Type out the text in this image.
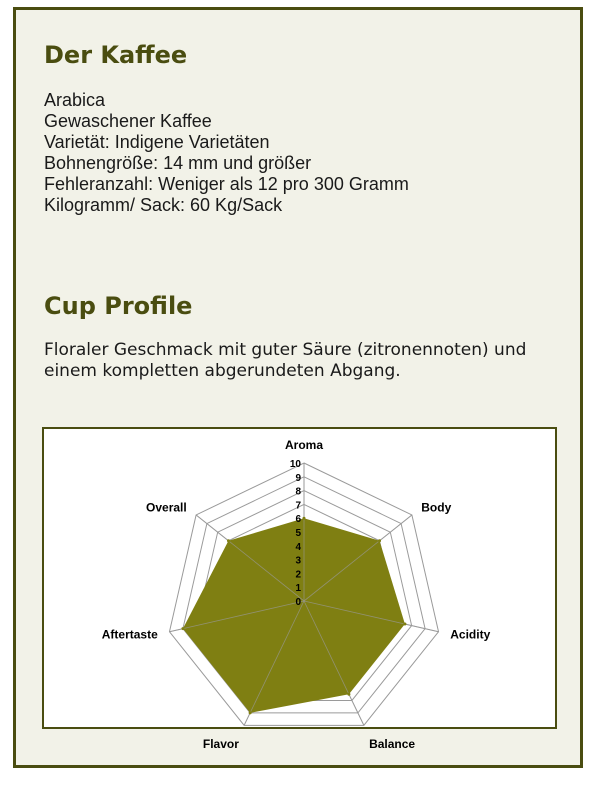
Der Kaffee
Arabica
Gewaschener Kaffee
Varietät: Indigene Varietäten
Bohnengröße: 14 mm und größer
Fehleranzahl: Weniger als 12 pro 300 Gramm
Kilogramm/ Sack: 60 Kg/Sack
Cup Profile

Floraler Geschmack mit guter Säure (zitronennoten) und einem kompletten abgerundeten Abgang.

0
1
2
3
4
5
6
7
8
9
10
Aroma
Body
Acidity
Balance
Flavor
Aftertaste
Overall
